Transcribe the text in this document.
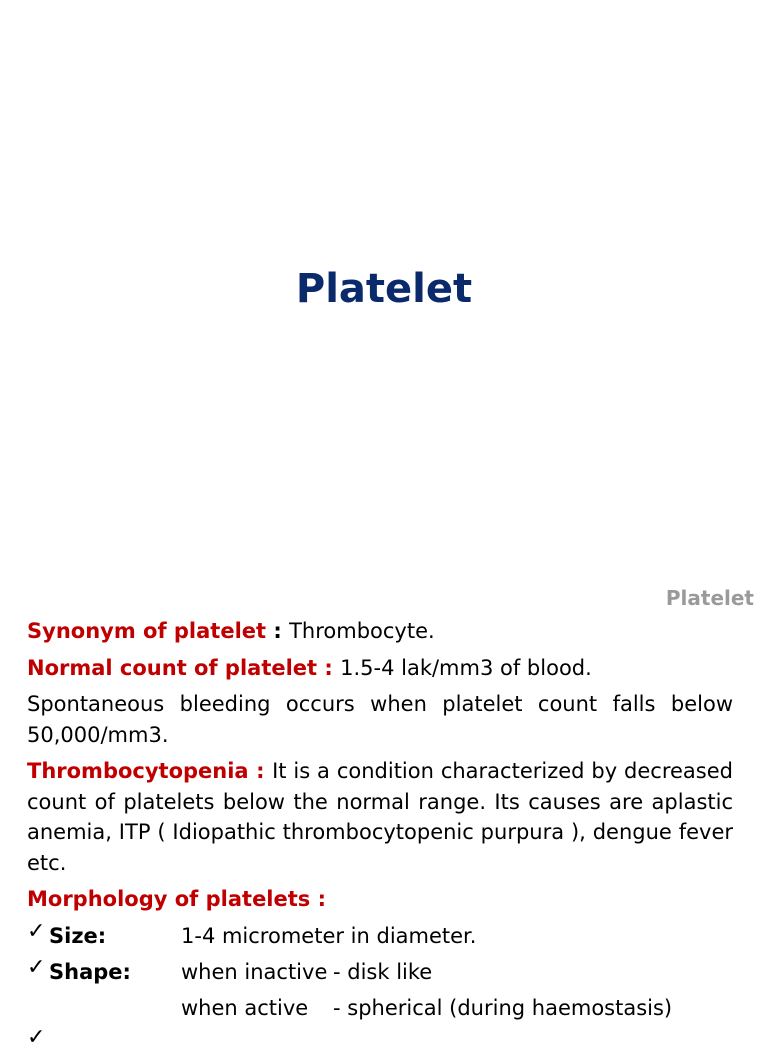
Platelet
Platelet

Synonym of platelet : Thrombocyte.

Normal count of platelet : 1.5-4 lak/mm3 of blood.

Spontaneous bleeding occurs when platelet count falls below 50,000/mm3.

Thrombocytopenia : It is a condition characterized by decreased count of platelets below the normal range. Its causes are aplastic anemia, ITP ( Idiopathic thrombocytopenic purpura ), dengue fever etc.

Morphology of platelets :

✓ Size:	1-4 micrometer in diameter.
✓ Shape: when inactive - disk like
when active - spherical (during haemostasis)
✓
